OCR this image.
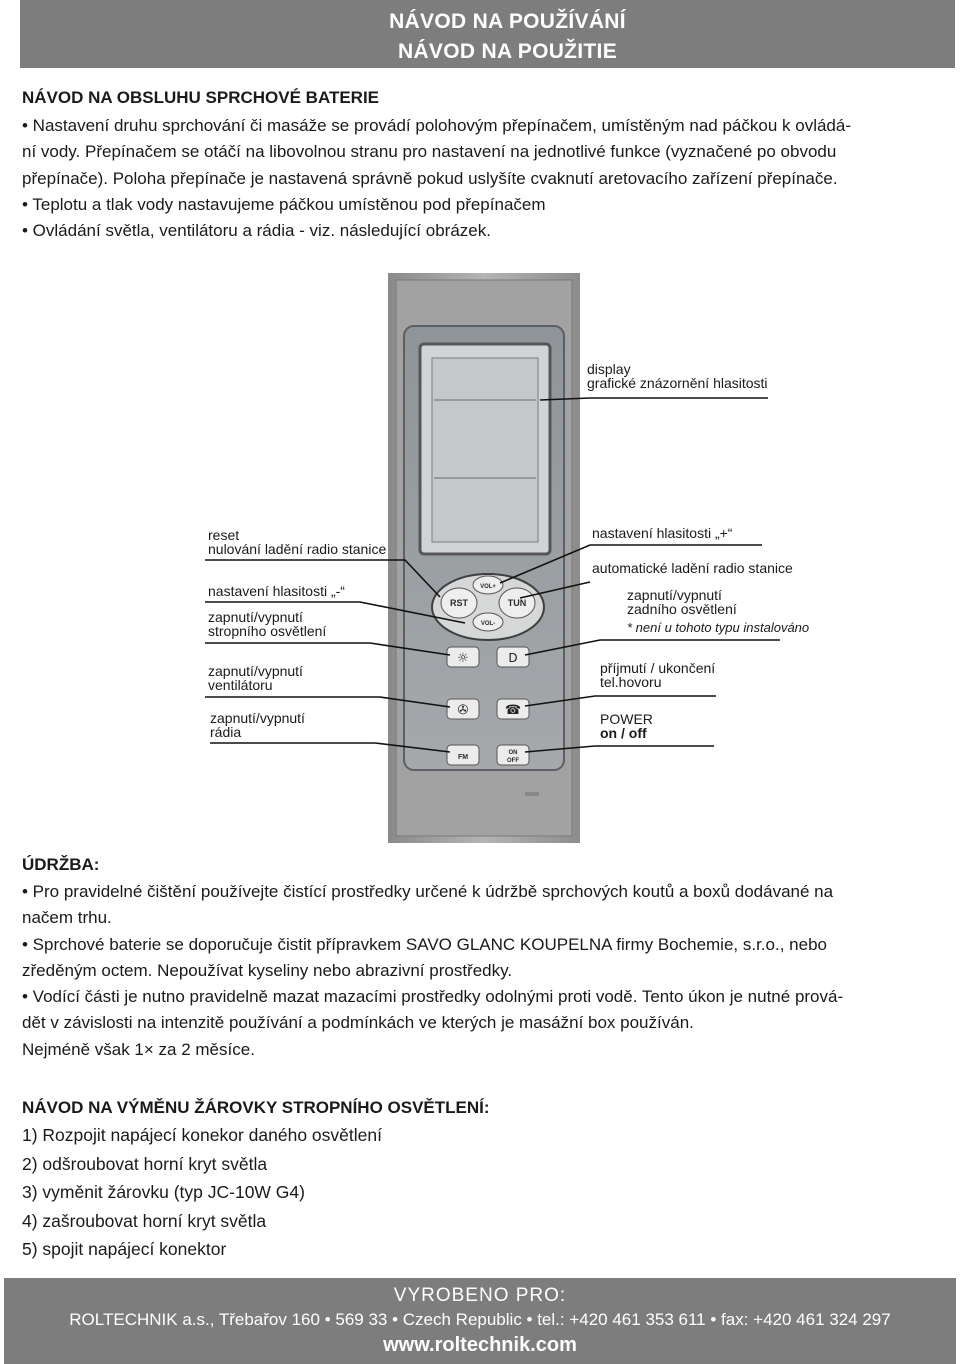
NÁVOD NA POUŽÍVÁNÍ
NÁVOD NA POUŽITIE
NÁVOD NA OBSLUHU SPRCHOVÉ BATERIE
• Nastavení druhu sprchování či masáže se provádí polohovým přepínačem, umístěným nad páčkou k ovládá-
ní vody. Přepínačem se otáčí na libovolnou stranu pro nastavení na jednotlivé funkce (vyznačené po obvodu
přepínače). Poloha přepínače je nastavená správně pokud uslyšíte cvaknutí aretovacího zařízení přepínače.
• Teplotu a tlak vody nastavujeme páčkou umístěnou pod přepínačem
• Ovládání světla, ventilátoru a rádia - viz. následující obrázek.
RST	TUN
VOL+
VOL-
☼	D
✇	☎
FM
ON
OFF
display
grafické znázornění hlasitosti
reset
nulování ladění radio stanice
nastavení hlasitosti „-“
zapnutí/vypnutí
stropního osvětlení
zapnutí/vypnutí
ventilátoru
zapnutí/vypnutí
rádia
nastavení hlasitosti „+“
automatické ladění radio stanice
zapnutí/vypnutí
zadního osvětlení
* není u tohoto typu instalováno
příjmutí / ukončení
tel.hovoru
POWER
on / off
ÚDRŽBA:
• Pro pravidelné čištění používejte čistící prostředky určené k údržbě sprchových koutů a boxů dodávané na
načem trhu.
• Sprchové baterie se doporučuje čistit přípravkem SAVO GLANC KOUPELNA firmy Bochemie, s.r.o., nebo
zředěným octem. Nepoužívat kyseliny nebo abrazivní prostředky.
• Vodící části je nutno pravidelně mazat mazacími prostředky odolnými proti vodě. Tento úkon je nutné prová-
dět v závislosti na intenzitě používání a podmínkách ve kterých je masážní box používán.
Nejméně však 1× za 2 měsíce.
NÁVOD NA VÝMĚNU ŽÁROVKY STROPNÍHO OSVĚTLENÍ:
1) Rozpojit napájecí konekor daného osvětlení
2) odšroubovat horní kryt světla
3) vyměnit žárovku (typ JC-10W G4)
4) zašroubovat horní kryt světla
5) spojit napájecí konektor
VYROBENO PRO:
ROLTECHNIK a.s., Třebařov 160 • 569 33 • Czech Republic • tel.: +420 461 353 611 • fax: +420 461 324 297
www.roltechnik.com
